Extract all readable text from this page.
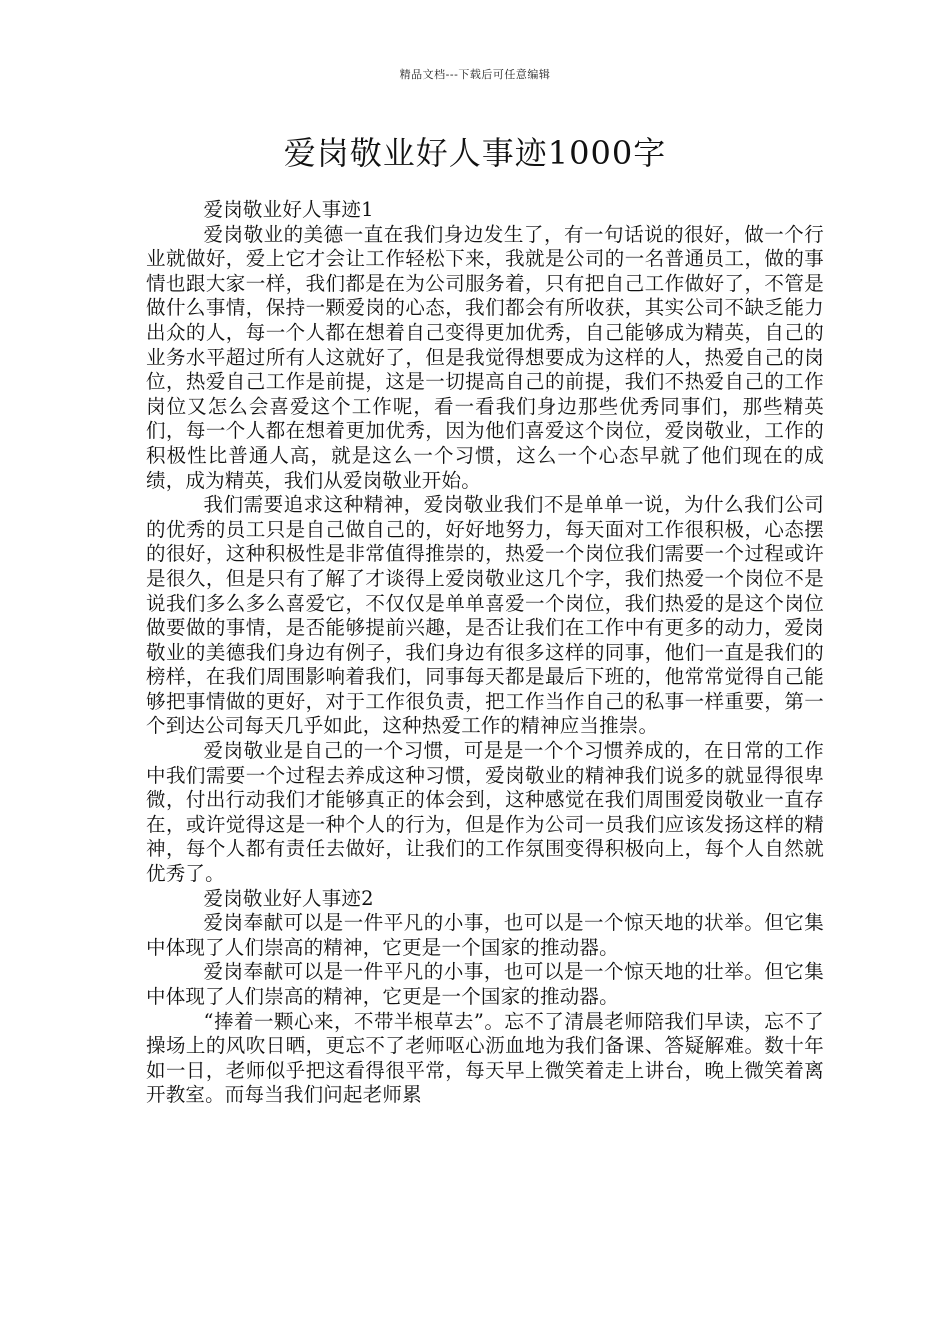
精品文档---下载后可任意编辑
爱岗敬业好人事迹1000字

爱岗敬业好人事迹1

爱岗敬业的美德一直在我们身边发生了，有一句话说的很好，做一个行业就做好，爱上它才会让工作轻松下来，我就是公司的一名普通员工，做的事情也跟大家一样，我们都是在为公司服务着，只有把自己工作做好了，不管是做什么事情，保持一颗爱岗的心态，我们都会有所收获，其实公司不缺乏能力出众的人，每一个人都在想着自己变得更加优秀，自己能够成为精英，自己的业务水平超过所有人这就好了，但是我觉得想要成为这样的人，热爱自己的岗位，热爱自己工作是前提，这是一切提高自己的前提，我们不热爱自己的工作岗位又怎么会喜爱这个工作呢，看一看我们身边那些优秀同事们，那些精英们，每一个人都在想着更加优秀，因为他们喜爱这个岗位，爱岗敬业，工作的积极性比普通人高，就是这么一个习惯，这么一个心态早就了他们现在的成绩，成为精英，我们从爱岗敬业开始。

我们需要追求这种精神，爱岗敬业我们不是单单一说，为什么我们公司的优秀的员工只是自己做自己的，好好地努力，每天面对工作很积极，心态摆的很好，这种积极性是非常值得推崇的，热爱一个岗位我们需要一个过程或许是很久，但是只有了解了才谈得上爱岗敬业这几个字，我们热爱一个岗位不是说我们多么多么喜爱它，不仅仅是单单喜爱一个岗位，我们热爱的是这个岗位做要做的事情，是否能够提前兴趣，是否让我们在工作中有更多的动力，爱岗敬业的美德我们身边有例子，我们身边有很多这样的同事，他们一直是我们的榜样，在我们周围影响着我们，同事每天都是最后下班的，他常常觉得自己能够把事情做的更好，对于工作很负责，把工作当作自己的私事一样重要，第一个到达公司每天几乎如此，这种热爱工作的精神应当推崇。

爱岗敬业是自己的一个习惯，可是是一个个习惯养成的，在日常的工作中我们需要一个过程去养成这种习惯，爱岗敬业的精神我们说多的就显得很卑微，付出行动我们才能够真正的体会到，这种感觉在我们周围爱岗敬业一直存在，或许觉得这是一种个人的行为，但是作为公司一员我们应该发扬这样的精神，每个人都有责任去做好，让我们的工作氛围变得积极向上，每个人自然就优秀了。

爱岗敬业好人事迹2

爱岗奉献可以是一件平凡的小事，也可以是一个惊天地的状举。但它集中体现了人们崇高的精神，它更是一个国家的推动器。

爱岗奉献可以是一件平凡的小事，也可以是一个惊天地的壮举。但它集中体现了人们崇高的精神，它更是一个国家的推动器。

“捧着一颗心来，不带半根草去”。忘不了清晨老师陪我们早读，忘不了操场上的风吹日晒，更忘不了老师呕心沥血地为我们备课、答疑解难。数十年如一日，老师似乎把这看得很平常，每天早上微笑着走上讲台，晚上微笑着离开教室。而每当我们问起老师累
